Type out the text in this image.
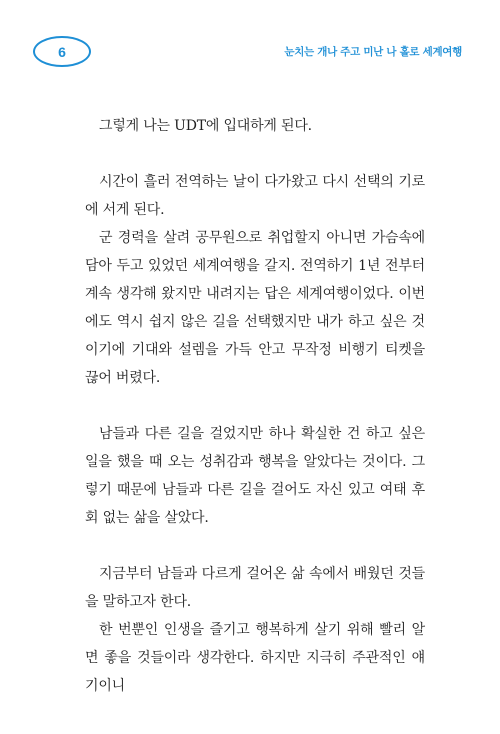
6	눈치는 개나 주고 미난 나 홀로 세계여행

그렇게 나는 UDT에 입대하게 된다.

시간이 흘러 전역하는 날이 다가왔고 다시 선택의 기로에 서게 된다.

군 경력을 살려 공무원으로 취업할지 아니면 가슴속에 담아 두고 있었던 세계여행을 갈지. 전역하기 1년 전부터 계속 생각해 왔지만 내려지는 답은 세계여행이었다. 이번에도 역시 쉽지 않은 길을 선택했지만 내가 하고 싶은 것이기에 기대와 설렘을 가득 안고 무작정 비행기 티켓을 끊어 버렸다.

남들과 다른 길을 걸었지만 하나 확실한 건 하고 싶은 일을 했을 때 오는 성취감과 행복을 알았다는 것이다. 그렇기 때문에 남들과 다른 길을 걸어도 자신 있고 여태 후회 없는 삶을 살았다.

지금부터 남들과 다르게 걸어온 삶 속에서 배웠던 것들을 말하고자 한다.

한 번뿐인 인생을 즐기고 행복하게 살기 위해 빨리 알면 좋을 것들이라 생각한다. 하지만 지극히 주관적인 얘기이니
